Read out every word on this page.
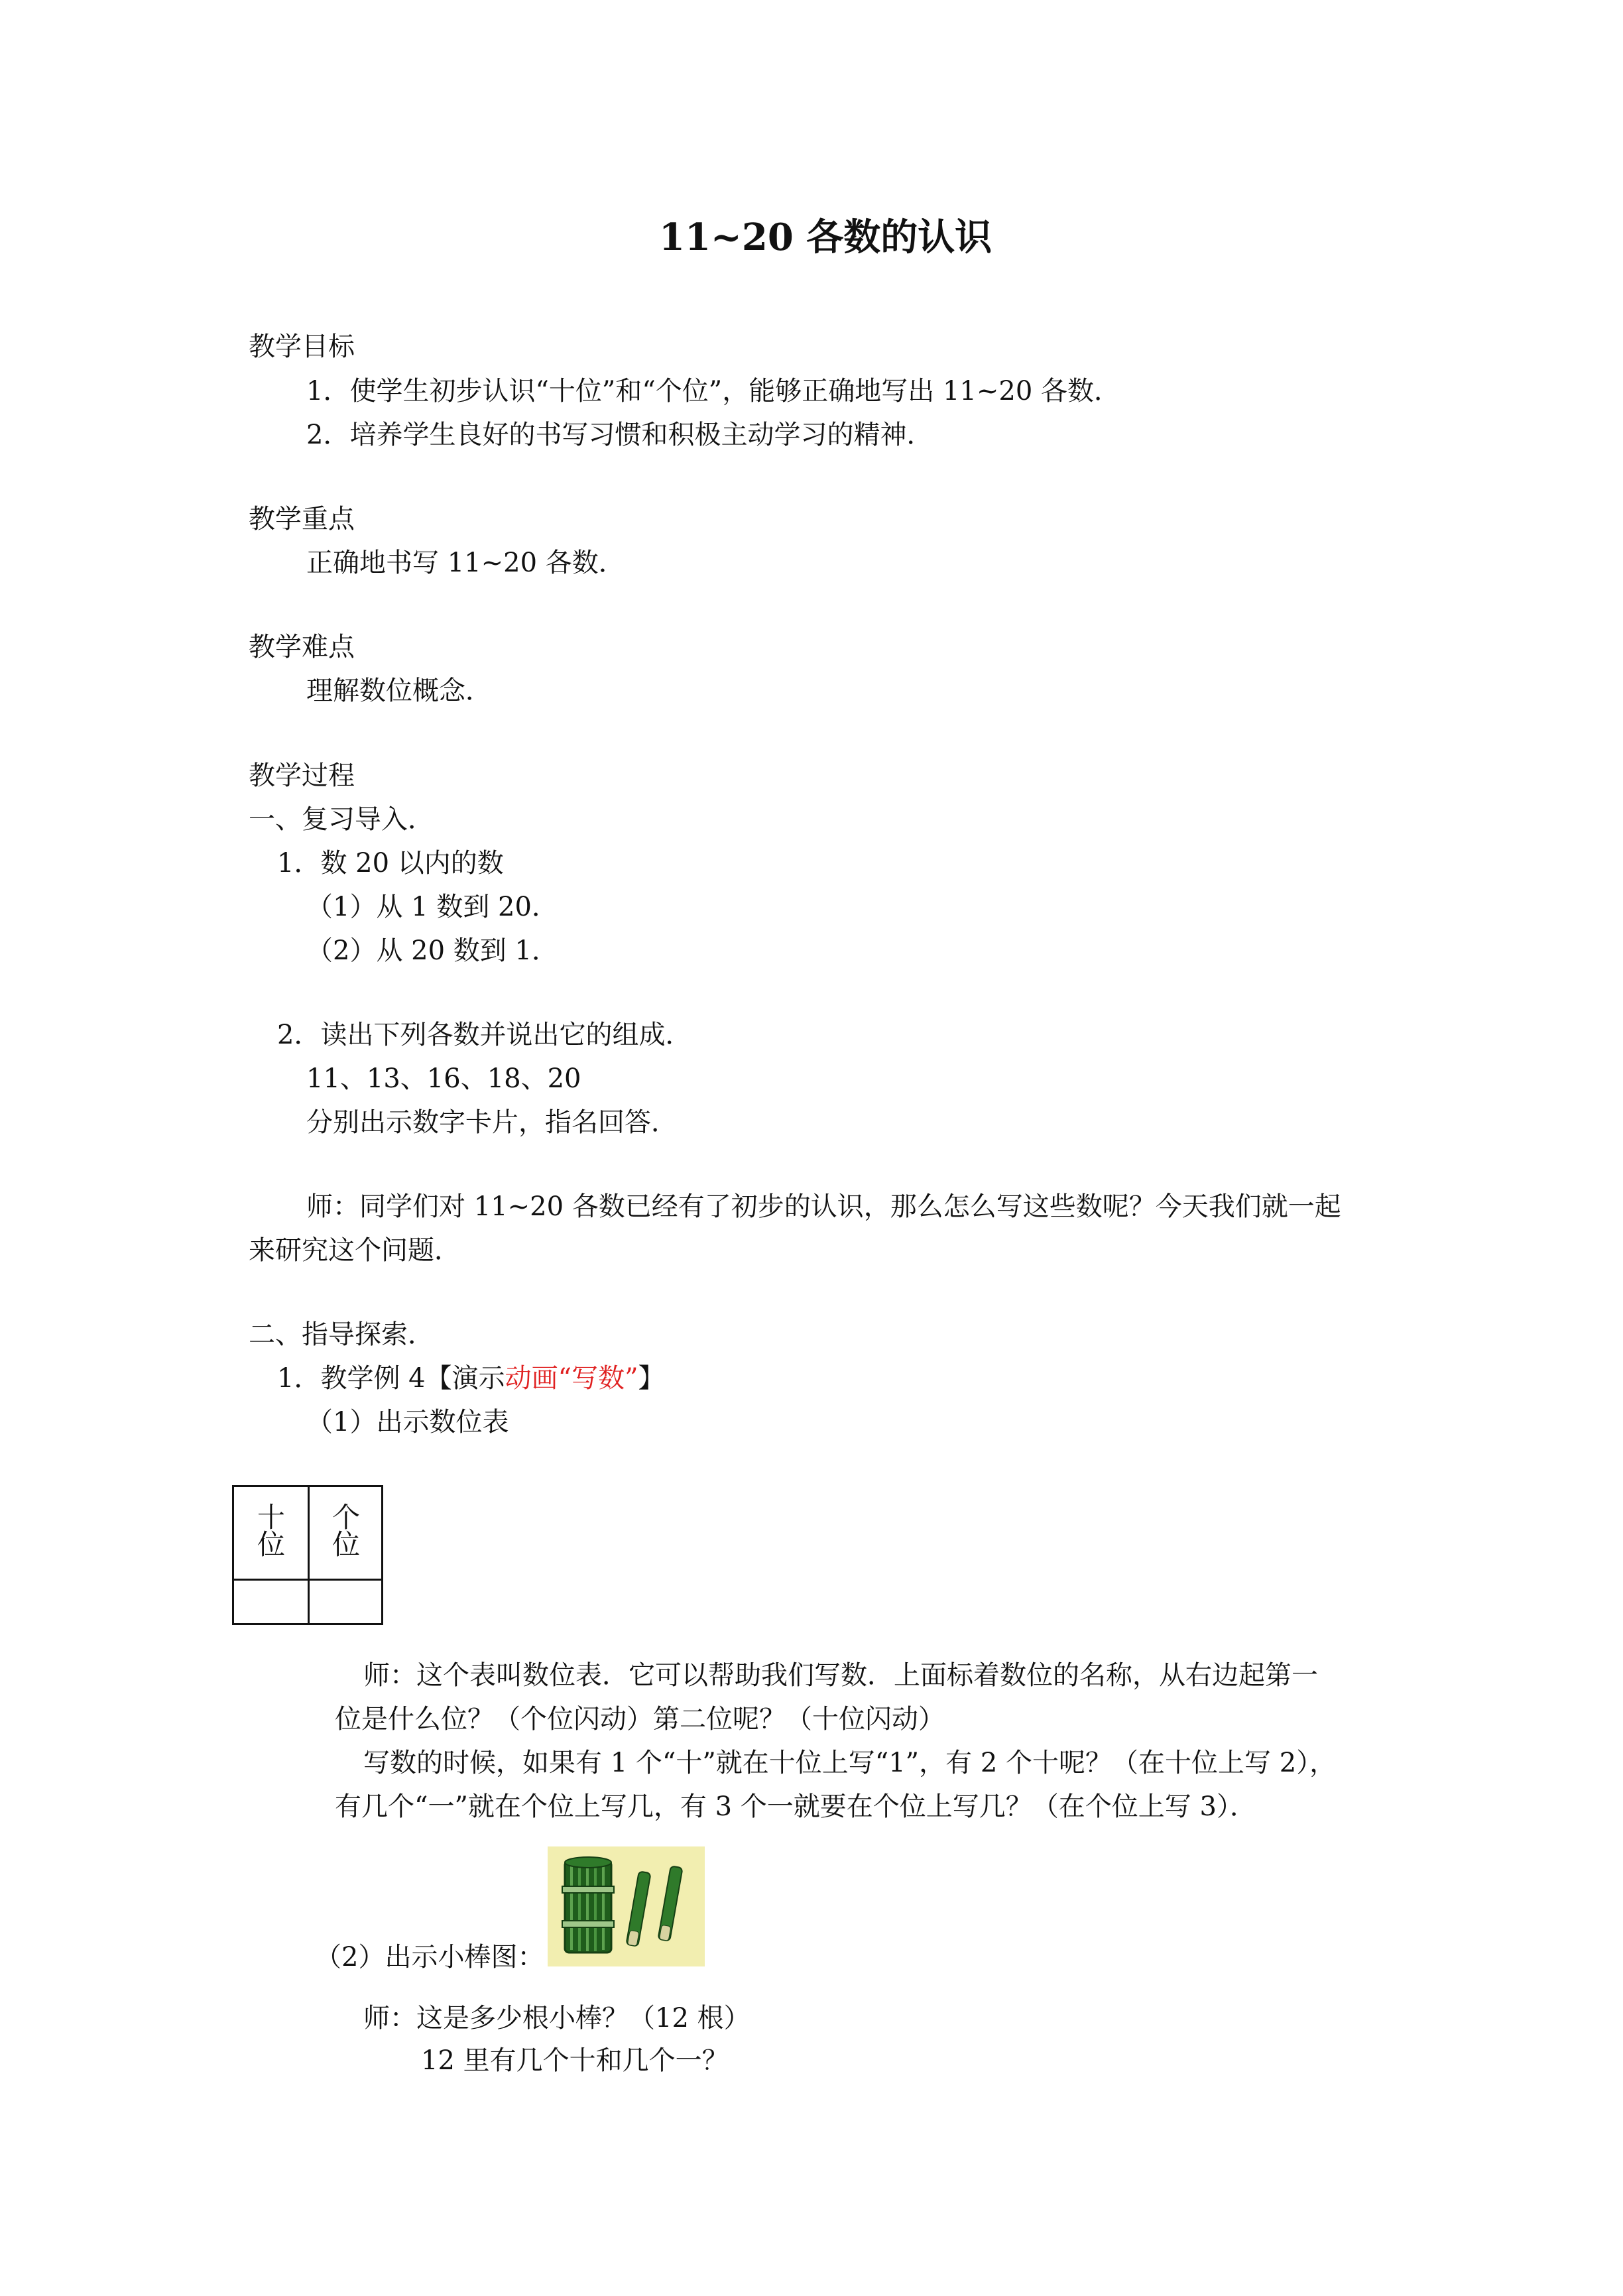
11~20 各数的认识
教学目标
1．使学生初步认识“十位”和“个位”，能够正确地写出 11~20 各数．
2．培养学生良好的书写习惯和积极主动学习的精神．
教学重点
正确地书写 11~20 各数．
教学难点
理解数位概念．
教学过程
一、复习导入．
1．数 20 以内的数
（1）从 1 数到 20．
（2）从 20 数到 1．
2．读出下列各数并说出它的组成．
11、13、16、18、20
分别出示数字卡片，指名回答．
师：同学们对 11~20 各数已经有了初步的认识，那么怎么写这些数呢？今天我们就一起
来研究这个问题．
二、指导探索．
1．教学例 4【演示动画“写数”】
（1）出示数位表
十
位
个
位
师：这个表叫数位表．它可以帮助我们写数．上面标着数位的名称，从右边起第一
位是什么位？（个位闪动）第二位呢？（十位闪动）
写数的时候，如果有 1 个“十”就在十位上写“1”，有 2 个十呢？（在十位上写 2），
有几个“一”就在个位上写几，有 3 个一就要在个位上写几？（在个位上写 3）．
（2）出示小棒图：
师：这是多少根小棒？（12 根）
12 里有几个十和几个一？
